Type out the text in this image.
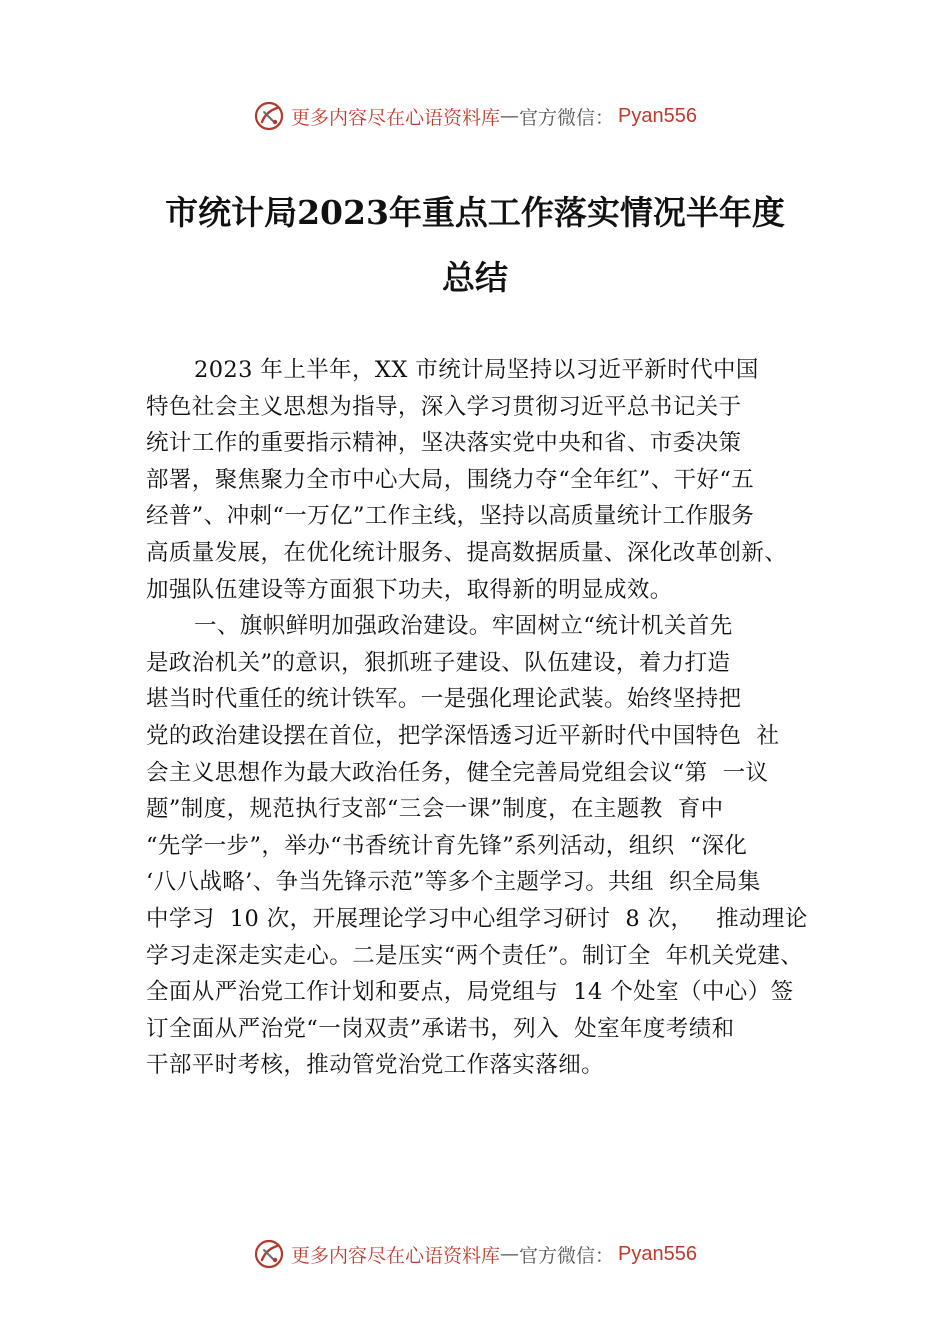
更多内容尽在心语资料库 — 官方微信： Pyan556
市统计局2023年重点工作落实情况半年度
总结
2023 年上半年，XX 市统计局坚持以习近平新时代中国
特色社会主义思想为指导，深入学习贯彻习近平总书记关于
统计工作的重要指示精神，坚决落实党中央和省、市委决策
部署，聚焦聚力全市中心大局，围绕力夺“全年红”、干好“五
经普”、冲刺“一万亿”工作主线，坚持以高质量统计工作服务
高质量发展，在优化统计服务、提高数据质量、深化改革创新、
加强队伍建设等方面狠下功夫，取得新的明显成效。
一、旗帜鲜明加强政治建设。牢固树立“统计机关首先
是政治机关”的意识，狠抓班子建设、队伍建设，着力打造
堪当时代重任的统计铁军。一是强化理论武装。始终坚持把
党的政治建设摆在首位，把学深悟透习近平新时代中国特色  社
会主义思想作为最大政治任务，健全完善局党组会议“第  一议
题”制度，规范执行支部“三会一课”制度，在主题教  育中
“先学一步”，举办“书香统计育先锋”系列活动，组织  “深化
‘八八战略’、争当先锋示范”等多个主题学习。共组  织全局集
中学习  10 次，开展理论学习中心组学习研讨  8 次，   推动理论
学习走深走实走心。二是压实“两个责任”。制订全  年机关党建、
全面从严治党工作计划和要点，局党组与  14 个处室（中心）签
订全面从严治党“一岗双责”承诺书，列入  处室年度考绩和
干部平时考核，推动管党治党工作落实落细。
更多内容尽在心语资料库 — 官方微信： Pyan556
